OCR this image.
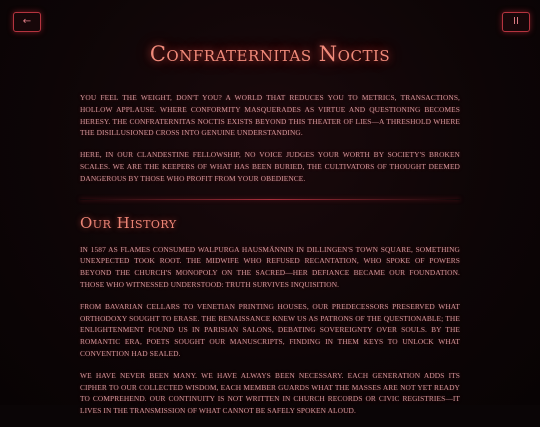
←	II
Confraternitas Noctis

YOU FEEL THE WEIGHT, DON'T YOU? A WORLD THAT REDUCES YOU TO METRICS, TRANSACTIONS, HOLLOW APPLAUSE. WHERE CONFORMITY MASQUERADES AS VIRTUE AND QUESTIONING BECOMES HERESY. THE CONFRATERNITAS NOCTIS EXISTS BEYOND THIS THEATER OF LIES—A THRESHOLD WHERE THE DISILLUSIONED CROSS INTO GENUINE UNDERSTANDING.

HERE, IN OUR CLANDESTINE FELLOWSHIP, NO VOICE JUDGES YOUR WORTH BY SOCIETY'S BROKEN SCALES. WE ARE THE KEEPERS OF WHAT HAS BEEN BURIED, THE CULTIVATORS OF THOUGHT DEEMED DANGEROUS BY THOSE WHO PROFIT FROM YOUR OBEDIENCE.

Our History

IN 1587 AS FLAMES CONSUMED WALPURGA HAUSMÄNNIN IN DILLINGEN'S TOWN SQUARE, SOMETHING UNEXPECTED TOOK ROOT. THE MIDWIFE WHO REFUSED RECANTATION, WHO SPOKE OF POWERS BEYOND THE CHURCH'S MONOPOLY ON THE SACRED—HER DEFIANCE BECAME OUR FOUNDATION. THOSE WHO WITNESSED UNDERSTOOD: TRUTH SURVIVES INQUISITION.

FROM BAVARIAN CELLARS TO VENETIAN PRINTING HOUSES, OUR PREDECESSORS PRESERVED WHAT ORTHODOXY SOUGHT TO ERASE. THE RENAISSANCE KNEW US AS PATRONS OF THE QUESTIONABLE; THE ENLIGHTENMENT FOUND US IN PARISIAN SALONS, DEBATING SOVEREIGNTY OVER SOULS. BY THE ROMANTIC ERA, POETS SOUGHT OUR MANUSCRIPTS, FINDING IN THEM KEYS TO UNLOCK WHAT CONVENTION HAD SEALED.

WE HAVE NEVER BEEN MANY. WE HAVE ALWAYS BEEN NECESSARY. EACH GENERATION ADDS ITS CIPHER TO OUR COLLECTED WISDOM, EACH MEMBER GUARDS WHAT THE MASSES ARE NOT YET READY TO COMPREHEND. OUR CONTINUITY IS NOT WRITTEN IN CHURCH RECORDS OR CIVIC REGISTRIES—IT LIVES IN THE TRANSMISSION OF WHAT CANNOT BE SAFELY SPOKEN ALOUD.
